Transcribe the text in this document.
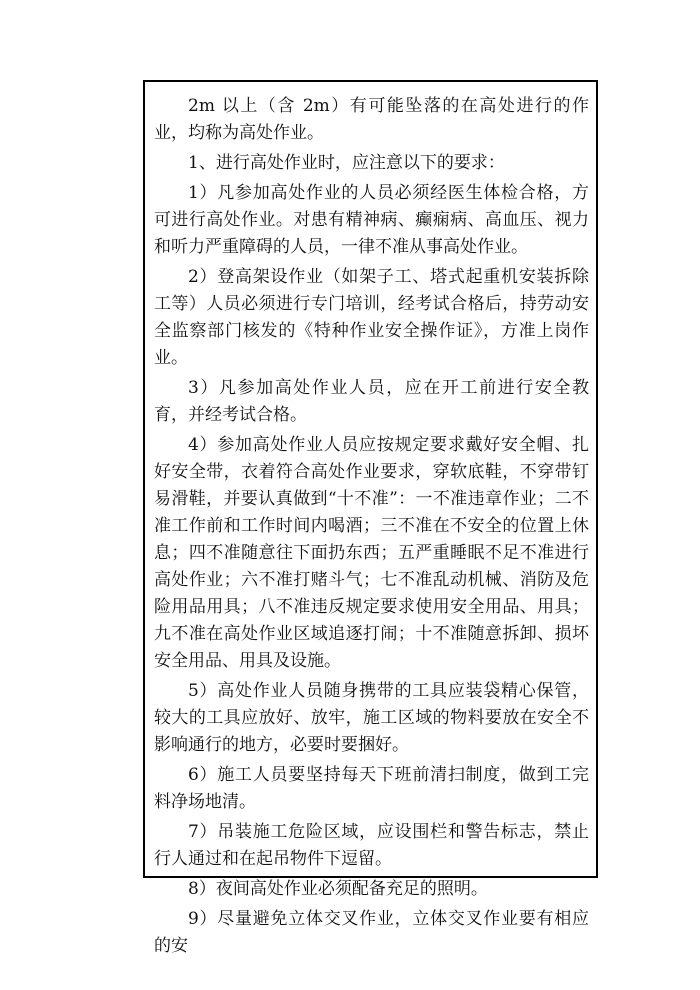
2m 以上（含 2m）有可能坠落的在高处进行的作业，均称为高处作业。

1、进行高处作业时，应注意以下的要求：

1）凡参加高处作业的人员必须经医生体检合格，方可进行高处作业。对患有精神病、癫痫病、高血压、视力和听力严重障碍的人员，一律不准从事高处作业。

2）登高架设作业（如架子工、塔式起重机安装拆除工等）人员必须进行专门培训，经考试合格后，持劳动安全监察部门核发的《特种作业安全操作证》，方准上岗作业。

3）凡参加高处作业人员，应在开工前进行安全教育，并经考试合格。

4）参加高处作业人员应按规定要求戴好安全帽、扎好安全带，衣着符合高处作业要求，穿软底鞋，不穿带钉易滑鞋，并要认真做到“十不准”：一不准违章作业；二不准工作前和工作时间内喝酒；三不准在不安全的位置上休息；四不准随意往下面扔东西；五严重睡眠不足不准进行高处作业；六不准打赌斗气；七不准乱动机械、消防及危险用品用具；八不准违反规定要求使用安全用品、用具；九不准在高处作业区域追逐打闹；十不准随意拆卸、损坏安全用品、用具及设施。

5）高处作业人员随身携带的工具应装袋精心保管，较大的工具应放好、放牢，施工区域的物料要放在安全不影响通行的地方，必要时要捆好。

6）施工人员要坚持每天下班前清扫制度，做到工完料净场地清。

7）吊装施工危险区域，应设围栏和警告标志，禁止行人通过和在起吊物件下逗留。

8）夜间高处作业必须配备充足的照明。

9）尽量避免立体交叉作业，立体交叉作业要有相应的安
